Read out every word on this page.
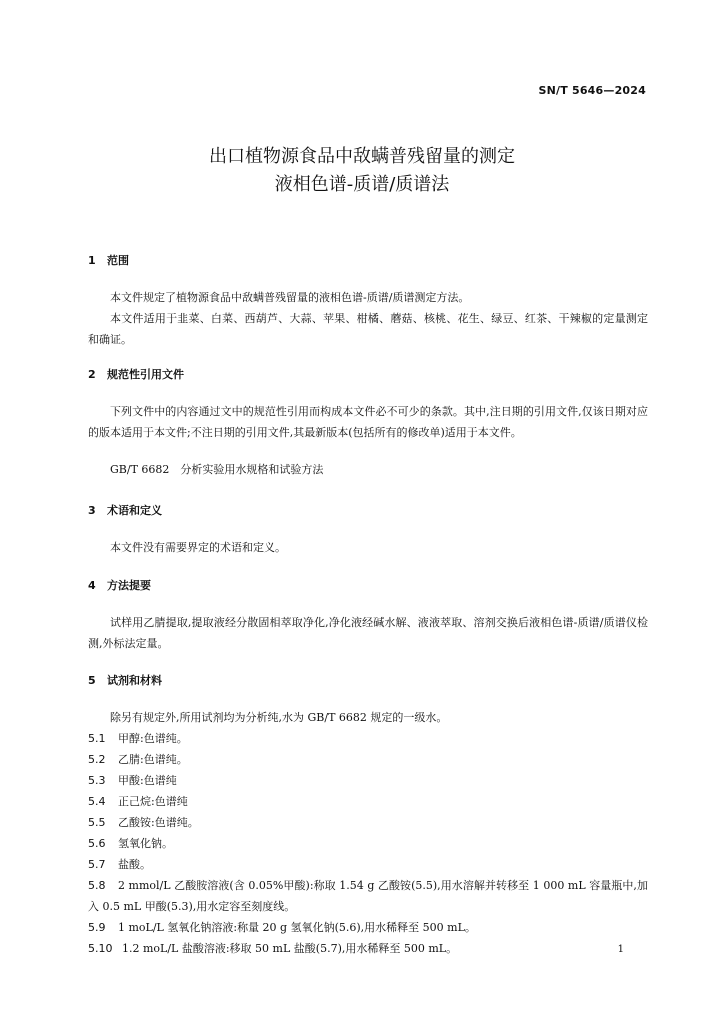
SN/T 5646—2024
出口植物源食品中敌螨普残留量的测定
液相色谱-质谱/质谱法
1 范围
本文件规定了植物源食品中敌螨普残留量的液相色谱-质谱/质谱测定方法。
本文件适用于韭菜、白菜、西葫芦、大蒜、苹果、柑橘、蘑菇、核桃、花生、绿豆、红茶、干辣椒的定量测定和确证。
2 规范性引用文件
下列文件中的内容通过文中的规范性引用而构成本文件必不可少的条款。其中,注日期的引用文件,仅该日期对应的版本适用于本文件;不注日期的引用文件,其最新版本(包括所有的修改单)适用于本文件。
GB/T 6682　分析实验用水规格和试验方法
3 术语和定义
本文件没有需要界定的术语和定义。
4 方法提要
试样用乙腈提取,提取液经分散固相萃取净化,净化液经碱水解、液液萃取、溶剂交换后液相色谱-质谱/质谱仪检测,外标法定量。
5 试剂和材料
除另有规定外,所用试剂均为分析纯,水为 GB/T 6682 规定的一级水。
5.1 甲醇:色谱纯。
5.2 乙腈:色谱纯。
5.3 甲酸:色谱纯
5.4 正己烷:色谱纯
5.5 乙酸铵:色谱纯。
5.6 氢氧化钠。
5.7 盐酸。
5.8 2 mmol/L 乙酸胺溶液(含 0.05%甲酸):称取 1.54 g 乙酸铵(5.5),用水溶解并转移至 1 000 mL 容量瓶中,加入 0.5 mL 甲酸(5.3),用水定容至刻度线。
5.9 1 moL/L 氢氧化钠溶液:称量 20 g 氢氧化钠(5.6),用水稀释至 500 mL。
5.10 1.2 moL/L 盐酸溶液:移取 50 mL 盐酸(5.7),用水稀释至 500 mL。	1
